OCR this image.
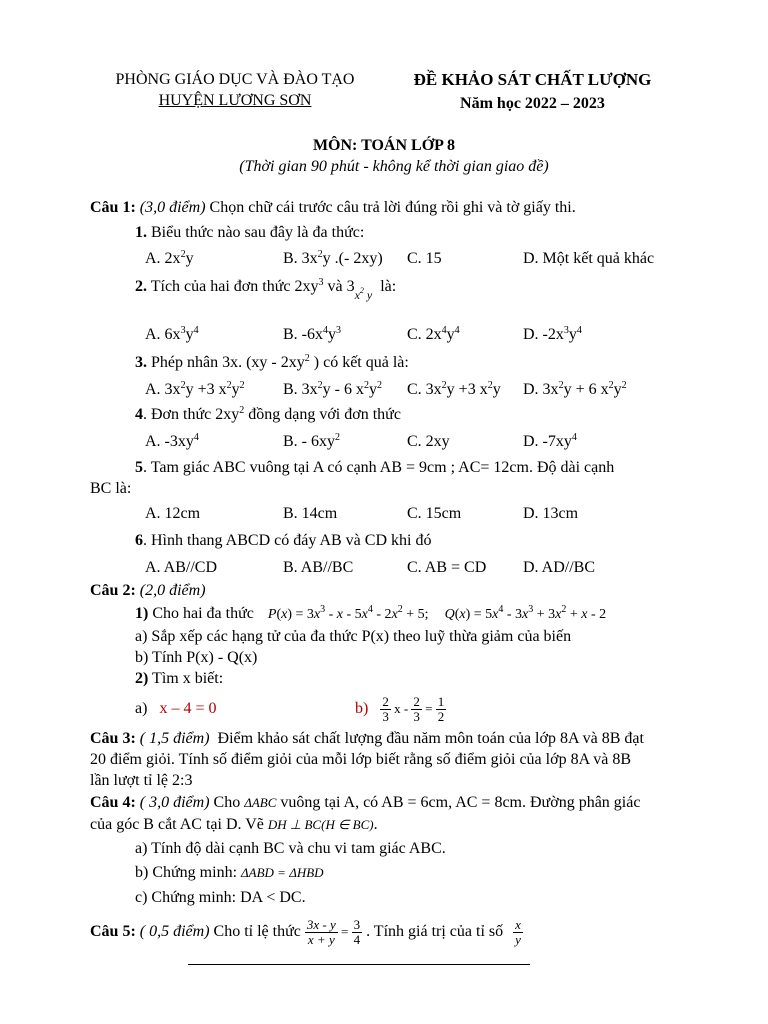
PHÒNG GIÁO DỤC VÀ ĐÀO TẠO
HUYỆN LƯƠNG SƠN
ĐỀ KHẢO SÁT CHẤT LƯỢNG
Năm học 2022 – 2023
MÔN: TOÁN LỚP 8
(Thời gian 90 phút - không kể thời gian giao đề)
Câu 1: (3,0 điểm) Chọn chữ cái trước câu trả lời đúng rồi ghi và tờ giấy thi.
1. Biểu thức nào sau đây là đa thức:
A. $2x^2y$	B. $3x^2y$ .(- 2xy) C. 15	D. Một kết quả khác
2. Tích của hai đơn thức $2xy^3$ và $3_{x^2 y}$ là:
A. $6x^3y^4$	B. $-6x^4y^3$	C. $2x^4y^4$	D. $-2x^3y^4$
3. Phép nhân 3x. ($xy - 2xy^2$ ) có kết quả là:
A. $3x^2y +3$ $x^2y^2$ B. $3x^2y - 6$ $x^2y^2$ C. $3x^2y +3$ $x^2y$ D. $3x^2y + 6$ $x^2y^2$
4. Đơn thức $2xy^2$ đồng dạng với đơn thức
A. $-3xy^4$	B. - $6xy^2$	C. 2xy	D. $-7xy^4$
5. Tam giác ABC vuông tại A có cạnh AB = 9cm ; AC= 12cm. Độ dài cạnh
BC là:
A. 12cm	B. 14cm	C. 15cm	D. 13cm
6. Hình thang ABCD có đáy AB và CD khi đó
A. AB//CD	B. AB//BC	C. AB = CD D. AD//BC
Câu 2: (2,0 điểm)
1) Cho hai đa thức $P(x) = 3x^3 - x - 5x^4 - 2x^2 + 5$; $Q(x) = 5x^4 - 3x^3 + 3x^2 + x - 2$
a) Sắp xếp các hạng tử của đa thức P(x) theo luỹ thừa giảm của biến
b) Tính P(x) - Q(x)
2) Tìm x biết:
a) x – 4 = 0	$b) \frac{2}{3}$ $x - \frac{2}{3} = \frac{1}{2}$
Câu 3: ( 1,5 điểm) Điểm khảo sát chất lượng đầu năm môn toán của lớp 8A và 8B đạt
20 điểm giỏi. Tính số điểm giỏi của mỗi lớp biết rằng số điểm giỏi của lớp 8A và 8B
lần lượt tỉ lệ 2:3
Câu 4: ( 3,0 điểm) Cho ΔABC vuông tại A, có AB = 6cm, AC = 8cm. Đường phân giác
của góc B cắt AC tại D. Vẽ DH ⊥ BC(H ∈ BC).
a) Tính độ dài cạnh BC và chu vi tam giác ABC.
b) Chứng minh: ΔABD = ΔHBD
c) Chứng minh: DA < DC.
Câu 5: ( 0,5 điểm) Cho tỉ lệ thức $\frac{3x - y}{x + y} = \frac{3}{4}$ . Tính giá trị của tỉ số $\frac{x}{y}$
